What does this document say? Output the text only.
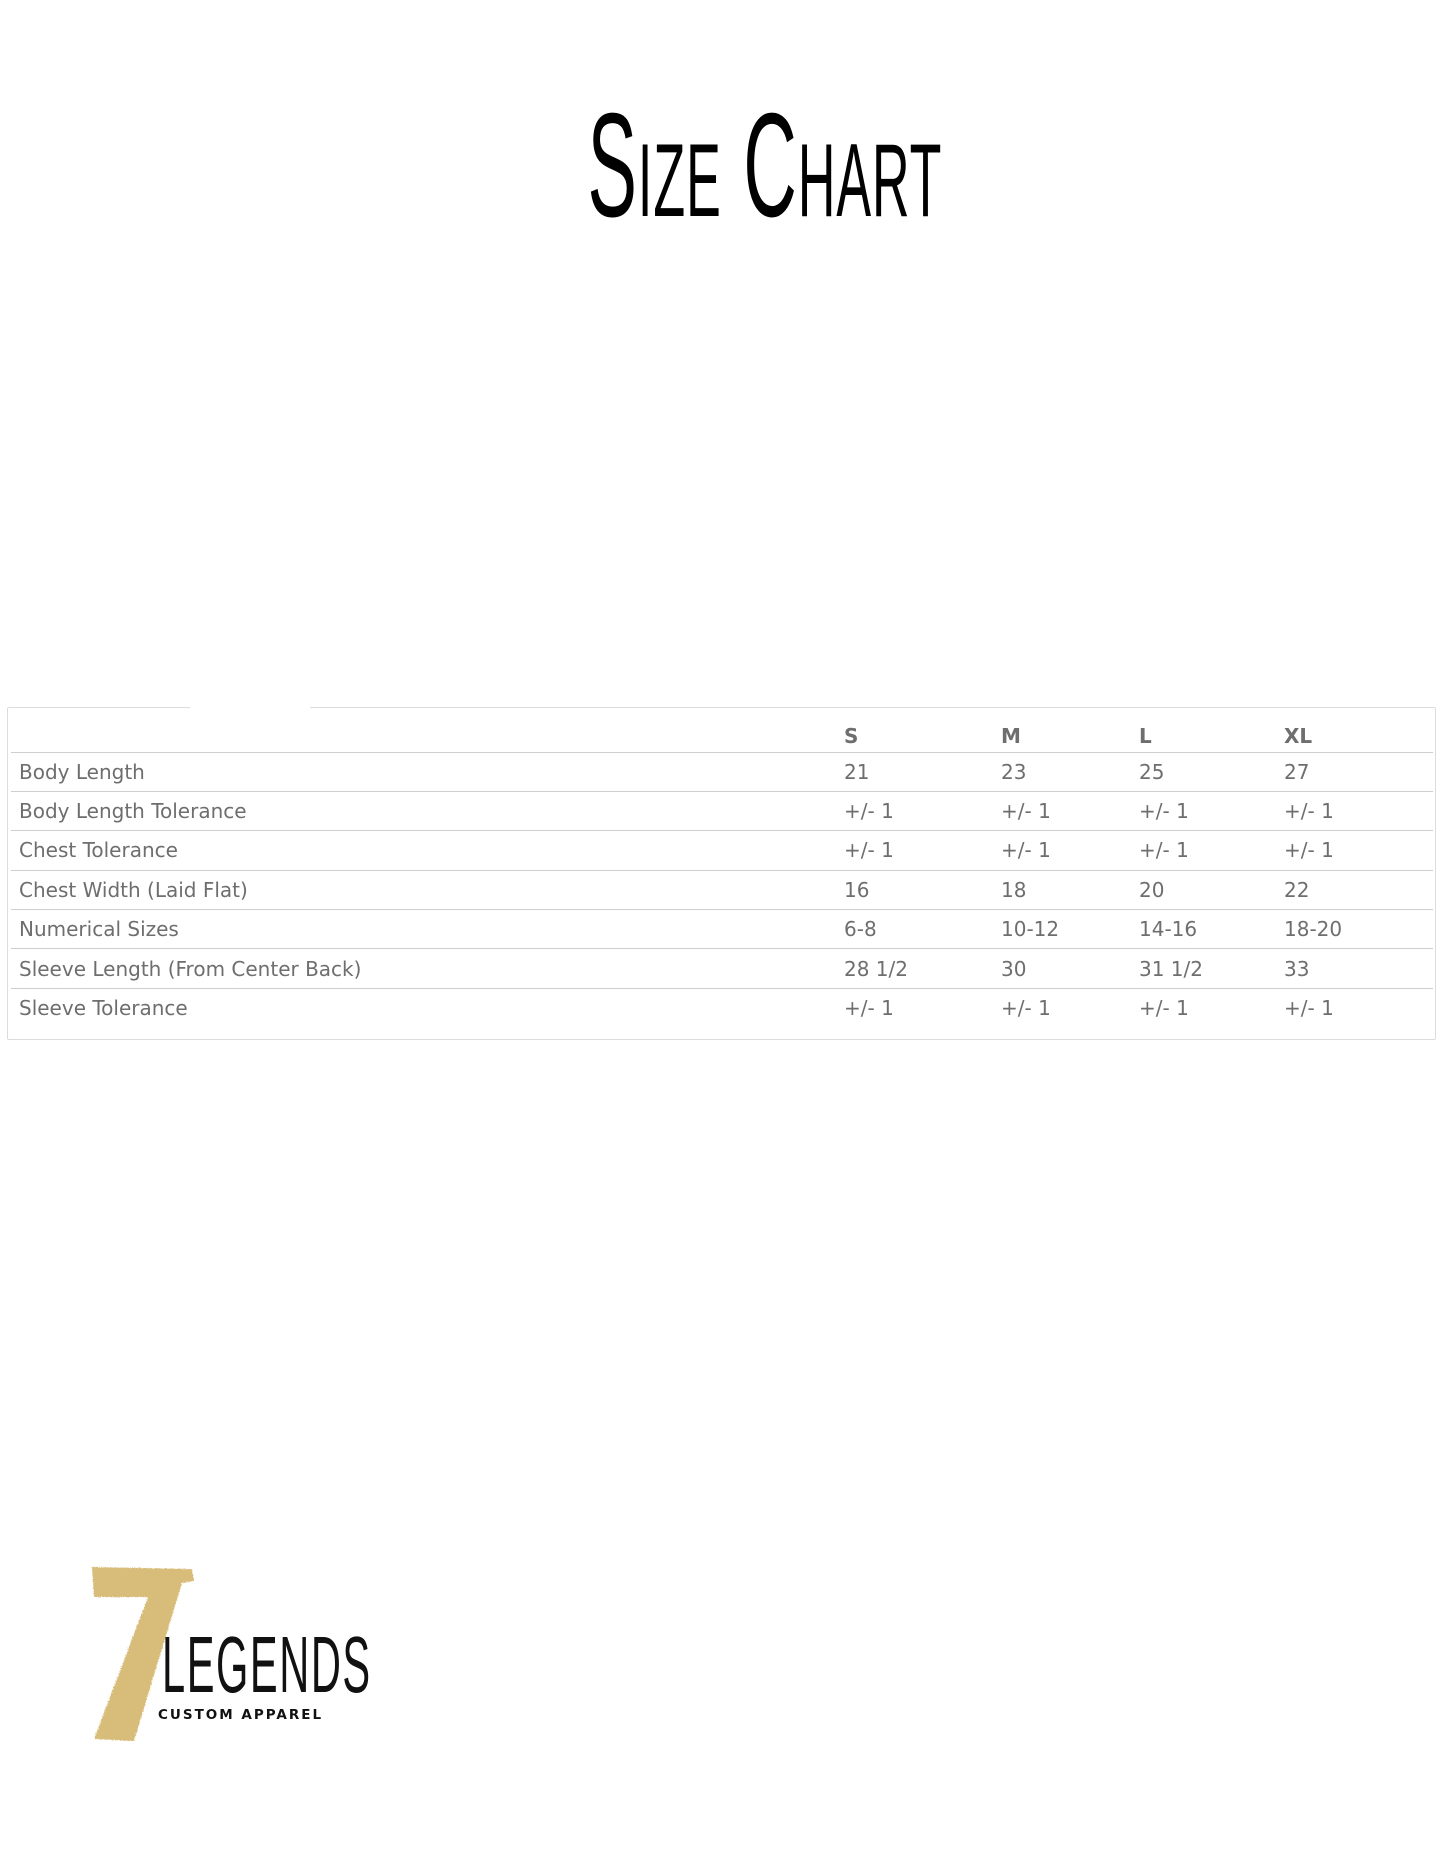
Size Chart
	S	M	L	XL
Body Length	21	23	25	27
Body Length Tolerance	+/- 1	+/- 1	+/- 1	+/- 1
Chest Tolerance	+/- 1	+/- 1	+/- 1	+/- 1
Chest Width (Laid Flat)	16	18	20	22
Numerical Sizes	6-8	10-12	14-16	18-20
Sleeve Length (From Center Back)	28 1/2	30	31 1/2	33
Sleeve Tolerance	+/- 1	+/- 1	+/- 1	+/- 1
LEGENDS
CUSTOM APPAREL
